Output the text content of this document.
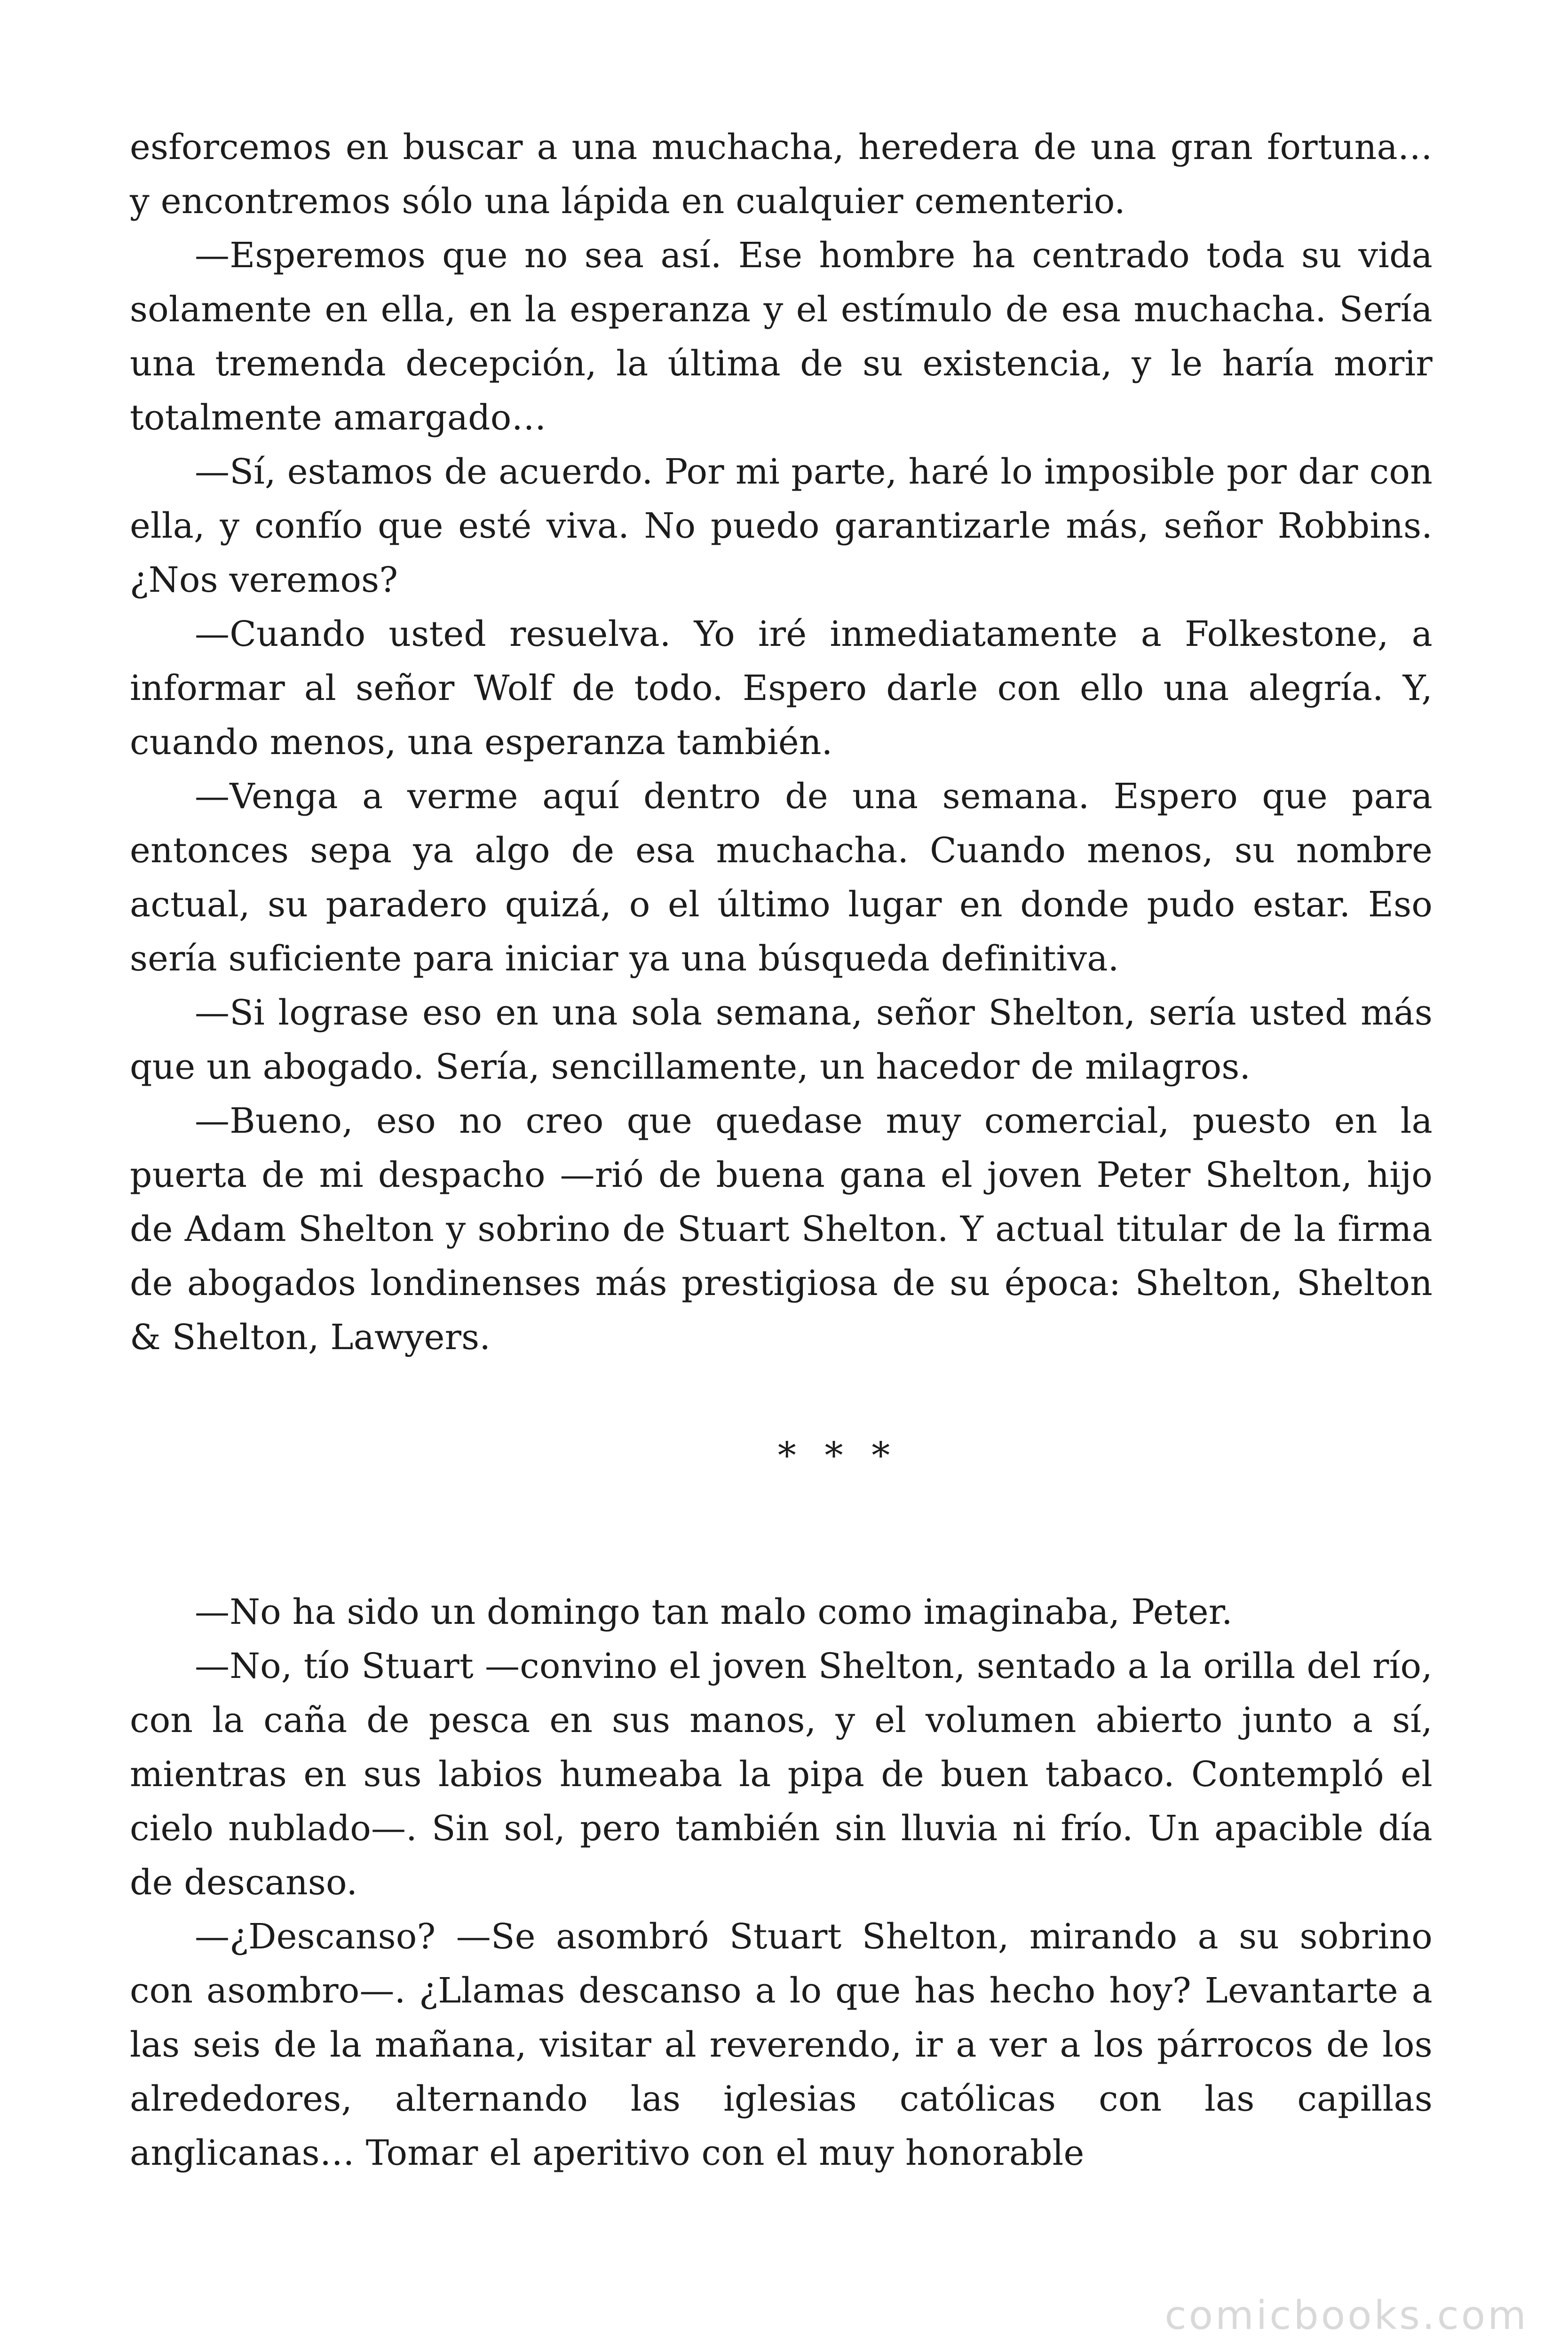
esforcemos en buscar a una muchacha, heredera de una gran fortuna… y encontremos sólo una lápida en cualquier cementerio.

—Esperemos que no sea así. Ese hombre ha centrado toda su vida solamente en ella, en la esperanza y el estímulo de esa muchacha. Sería una tremenda decepción, la última de su existencia, y le haría morir totalmente amargado…

—Sí, estamos de acuerdo. Por mi parte, haré lo imposible por dar con ella, y confío que esté viva. No puedo garantizarle más, señor Robbins. ¿Nos veremos?

—Cuando usted resuelva. Yo iré inmediatamente a Folkestone, a informar al señor Wolf de todo. Espero darle con ello una alegría. Y, cuando menos, una esperanza también.

—Venga a verme aquí dentro de una semana. Espero que para entonces sepa ya algo de esa muchacha. Cuando menos, su nombre actual, su paradero quizá, o el último lugar en donde pudo estar. Eso sería suficiente para iniciar ya una búsqueda definitiva.

—Si lograse eso en una sola semana, señor Shelton, sería usted más que un abogado. Sería, sencillamente, un hacedor de milagros.

—Bueno, eso no creo que quedase muy comercial, puesto en la puerta de mi despacho —rió de buena gana el joven Peter Shelton, hijo de Adam Shelton y sobrino de Stuart Shelton. Y actual titular de la firma de abogados londinenses más prestigiosa de su época: Shelton, Shelton & Shelton, Lawyers.

* * *

—No ha sido un domingo tan malo como imaginaba, Peter.

—No, tío Stuart —convino el joven Shelton, sentado a la orilla del río, con la caña de pesca en sus manos, y el volumen abierto junto a sí, mientras en sus labios humeaba la pipa de buen tabaco. Contempló el cielo nublado—. Sin sol, pero también sin lluvia ni frío. Un apacible día de descanso.

—¿Descanso? —Se asombró Stuart Shelton, mirando a su sobrino con asombro—. ¿Llamas descanso a lo que has hecho hoy? Levantarte a las seis de la mañana, visitar al reverendo, ir a ver a los párrocos de los alrededores, alternando las iglesias católicas con las capillas anglicanas… Tomar el aperitivo con el muy honorable

comicbooks.com
